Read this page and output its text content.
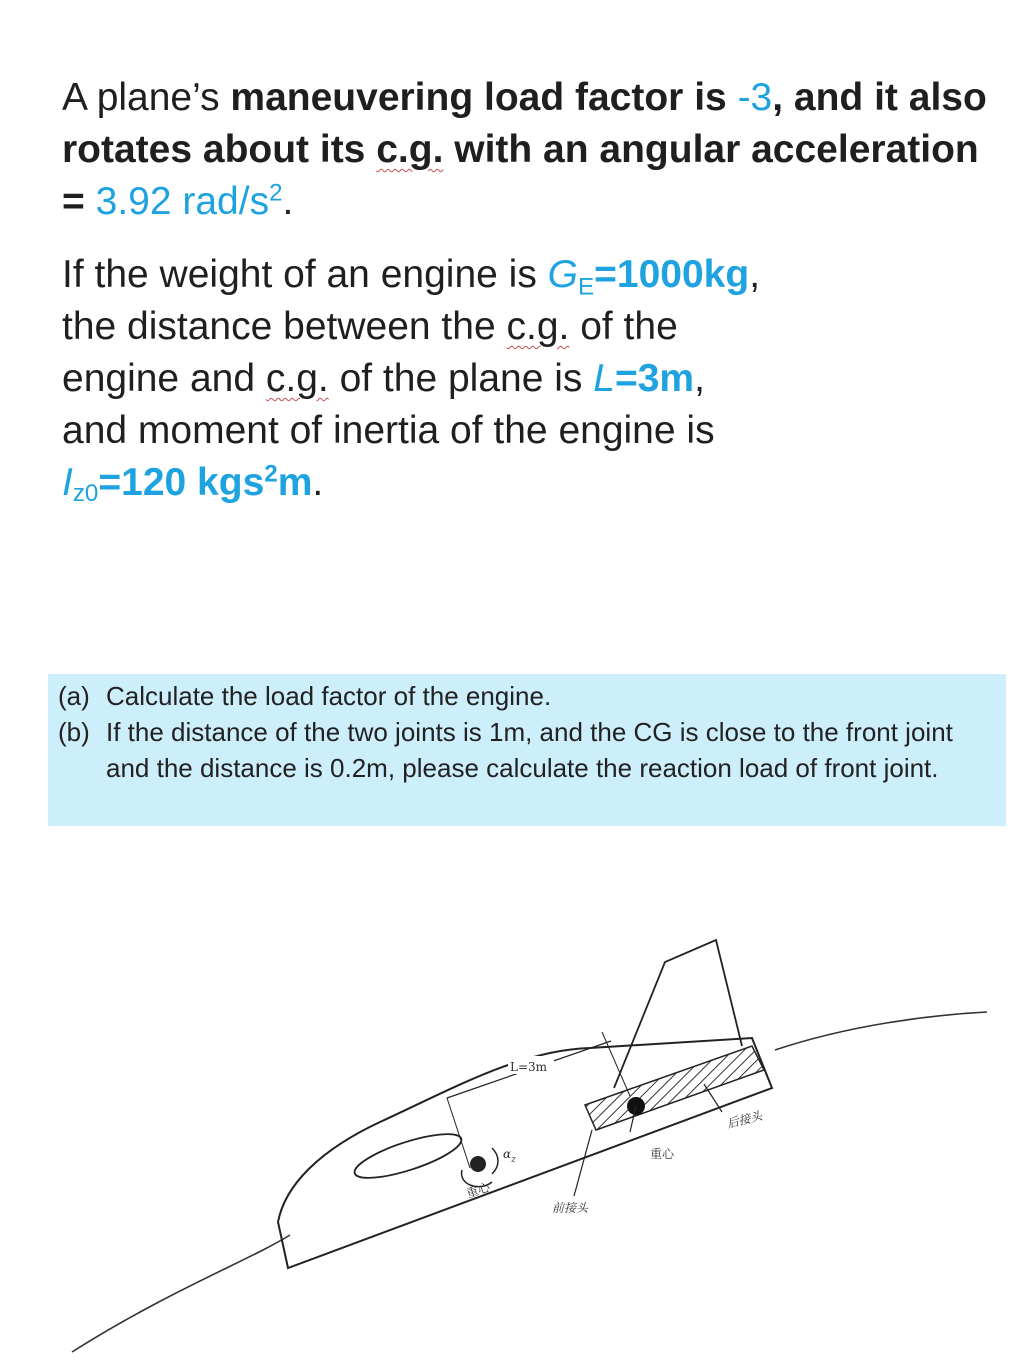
A plane’s maneuvering load factor is -3, and it also rotates about its c.g. with an angular acceleration = 3.92 rad/$s^2$.

If the weight of an engine is GE=1000kg, the distance between the c.g. of the engine and c.g. of the plane is L=3m, and moment of inertia of the engine is $I_{z0}=120$ kgs$^2$m.

(a) Calculate the load factor of the engine.
(b) If the distance of the two joints is 1m, and the CG is close to the front joint and the distance is 0.2m, please calculate the reaction load of front joint.
L=3m
$\alpha_z$
重心
重心
前接头
后接头
